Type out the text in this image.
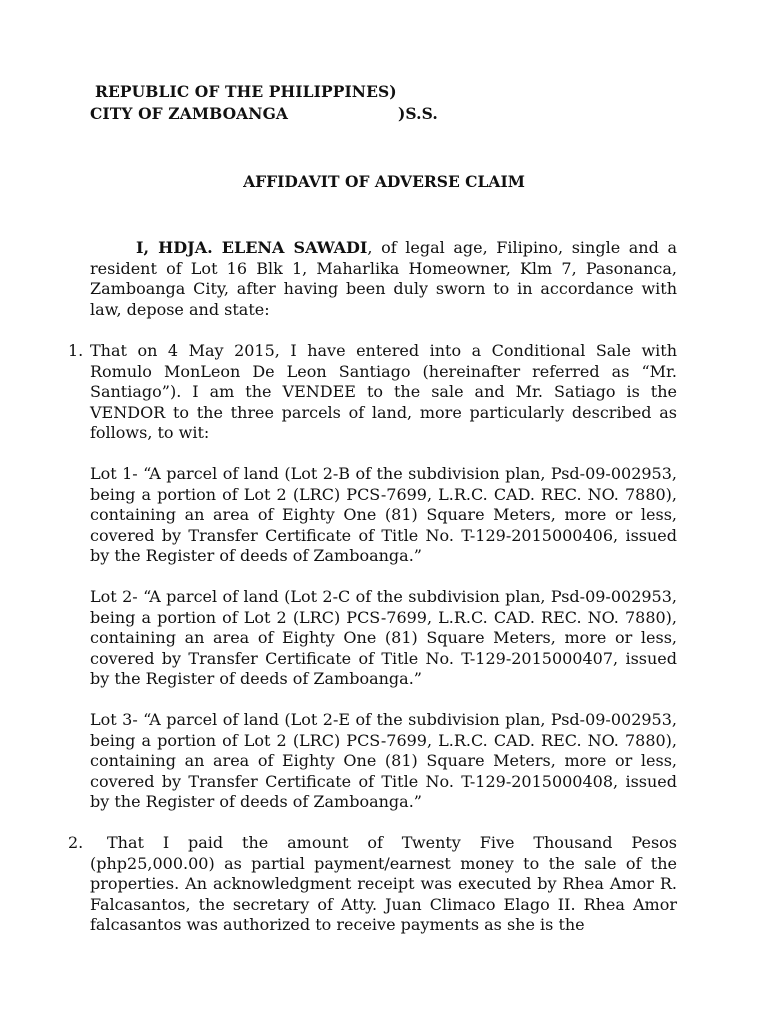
REPUBLIC OF THE PHILIPPINES)
CITY OF ZAMBOANGA	)S.S.
AFFIDAVIT OF ADVERSE CLAIM

I, HDJA. ELENA SAWADI, of legal age, Filipino, single and a resident of Lot 16 Blk 1, Maharlika Homeowner, Klm 7, Pasonanca, Zamboanga City, after having been duly sworn to in accordance with law, depose and state:

1. That on 4 May 2015, I have entered into a Conditional Sale with Romulo MonLeon De Leon Santiago (hereinafter referred as “Mr. Santiago”). I am the VENDEE to the sale and Mr. Satiago is the VENDOR to the three parcels of land, more particularly described as follows, to wit:

Lot 1- “A parcel of land (Lot 2-B of the subdivision plan, Psd-09-002953, being a portion of Lot 2 (LRC) PCS-7699, L.R.C. CAD. REC. NO. 7880), containing an area of Eighty One (81) Square Meters, more or less, covered by Transfer Certificate of Title No. T-129-2015000406, issued by the Register of deeds of Zamboanga.”

Lot 2- “A parcel of land (Lot 2-C of the subdivision plan, Psd-09-002953, being a portion of Lot 2 (LRC) PCS-7699, L.R.C. CAD. REC. NO. 7880), containing an area of Eighty One (81) Square Meters, more or less, covered by Transfer Certificate of Title No. T-129-2015000407, issued by the Register of deeds of Zamboanga.”

Lot 3- “A parcel of land (Lot 2-E of the subdivision plan, Psd-09-002953, being a portion of Lot 2 (LRC) PCS-7699, L.R.C. CAD. REC. NO. 7880), containing an area of Eighty One (81) Square Meters, more or less, covered by Transfer Certificate of Title No. T-129-2015000408, issued by the Register of deeds of Zamboanga.”

2.	That I paid the amount of Twenty Five Thousand Pesos (php25,000.00) as partial payment/earnest money to the sale of the properties. An acknowledgment receipt was executed by Rhea Amor R. Falcasantos, the secretary of Atty. Juan Climaco Elago II. Rhea Amor falcasantos was authorized to receive payments as she is the
